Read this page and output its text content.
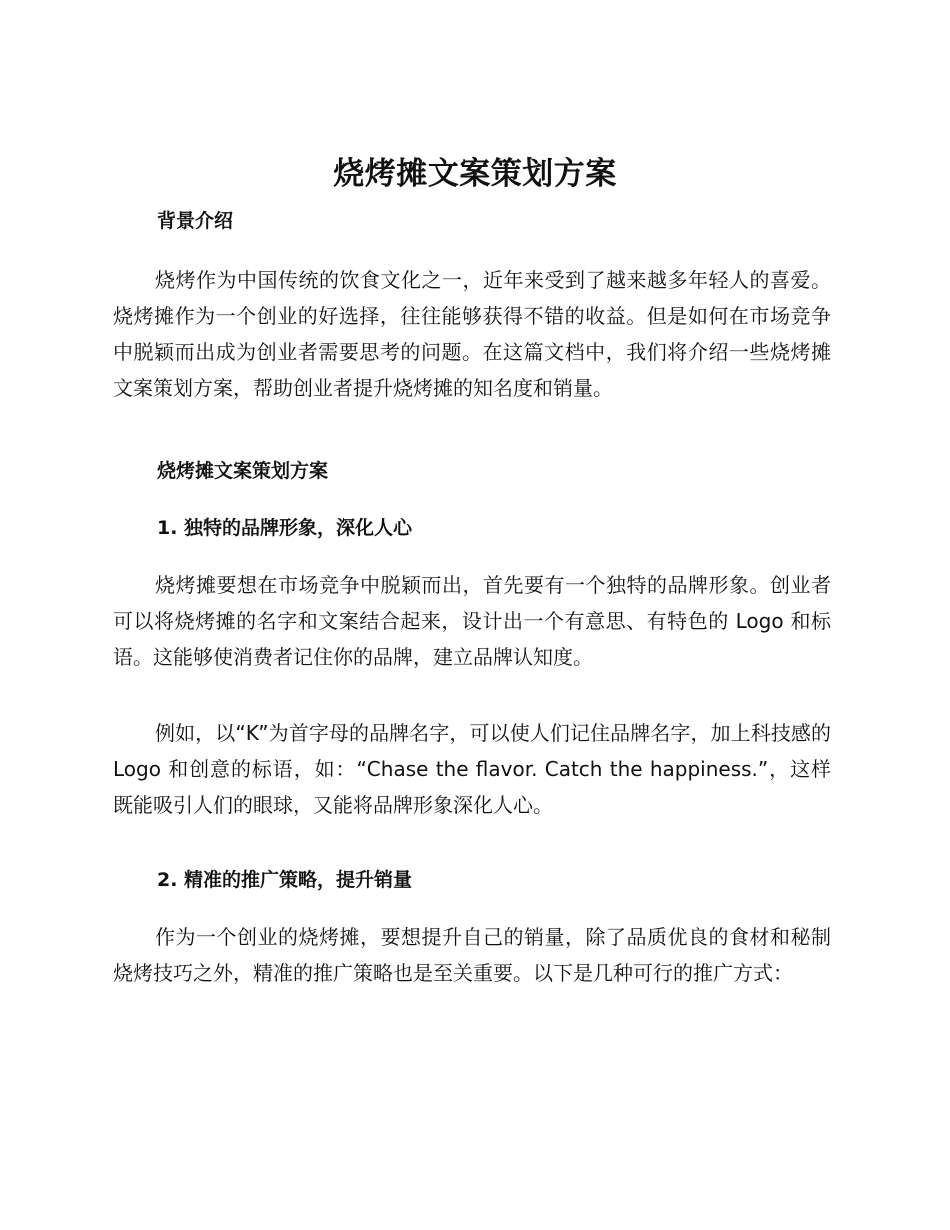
烧烤摊文案策划方案
背景介绍

烧烤作为中国传统的饮食文化之一，近年来受到了越来越多年轻人的喜爱。烧烤摊作为一个创业的好选择，往往能够获得不错的收益。但是如何在市场竞争中脱颖而出成为创业者需要思考的问题。在这篇文档中，我们将介绍一些烧烤摊文案策划方案，帮助创业者提升烧烤摊的知名度和销量。

烧烤摊文案策划方案
1. 独特的品牌形象，深化人心

烧烤摊要想在市场竞争中脱颖而出，首先要有一个独特的品牌形象。创业者可以将烧烤摊的名字和文案结合起来，设计出一个有意思、有特色的 Logo 和标语。这能够使消费者记住你的品牌，建立品牌认知度。

例如，以“K”为首字母的品牌名字，可以使人们记住品牌名字，加上科技感的 Logo 和创意的标语，如：“Chase the flavor. Catch the happiness.”，这样既能吸引人们的眼球，又能将品牌形象深化人心。

2. 精准的推广策略，提升销量

作为一个创业的烧烤摊，要想提升自己的销量，除了品质优良的食材和秘制烧烤技巧之外，精准的推广策略也是至关重要。以下是几种可行的推广方式：
